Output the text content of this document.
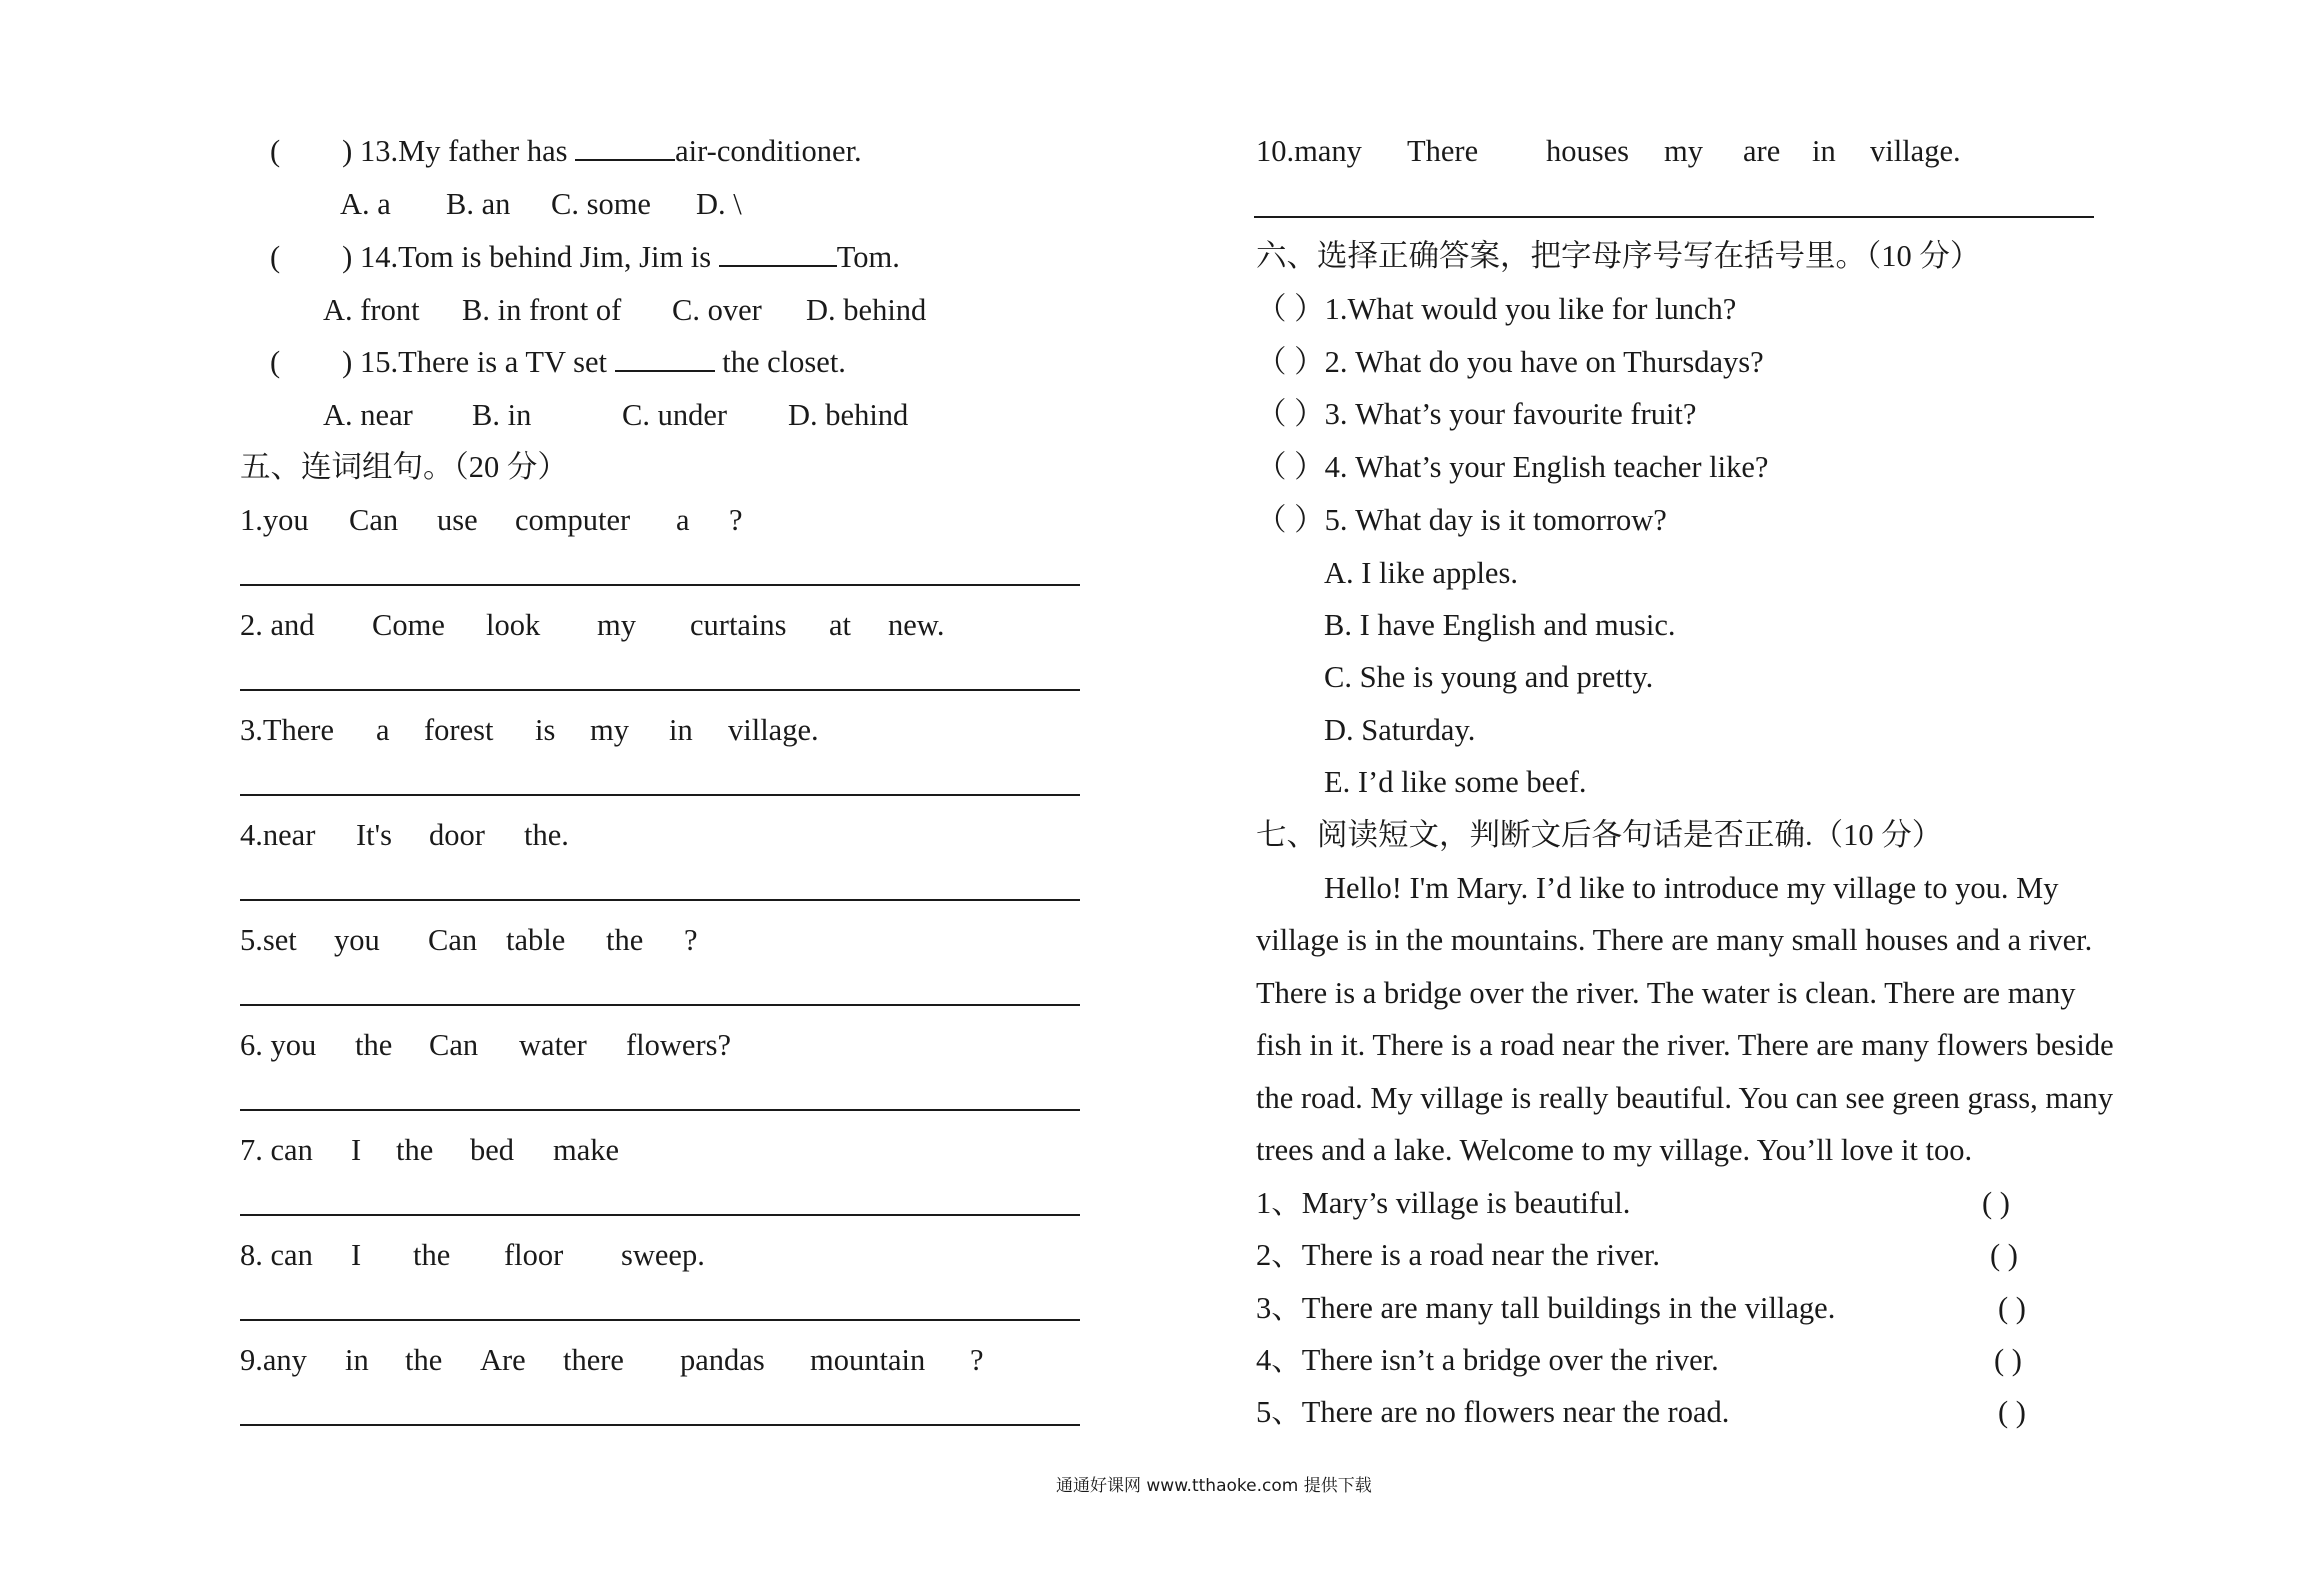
( ) 13.My father has	air-conditioner.
A. a B. an C. some D. \
( ) 14.Tom is behind Jim, Jim is	Tom.
A. front B. in front of C. over D. behind
( ) 15.There is a TV set	the closet.
A. near B. in	C. under D. behind
五、连词组句。（20 分）
1.you Can use computer a ?
2. and Come look my curtains at new.
3.There a forest is my in village.
4.near It's door the.
5.set you Can table the ?
6. you the Can water flowers?
7. can I the bed make
8. can I the floor sweep.
9.any in the Are there pandas mountain ?
10.many There houses my are in village.
六、选择正确答案，把字母序号写在括号里。（10 分）
（ ）1.What would you like for lunch?
（ ）2. What do you have on Thursdays?
（ ）3. What’s your favourite fruit?
（ ）4. What’s your English teacher like?
（ ）5. What day is it tomorrow?
A. I like apples.
B. I have English and music.
C. She is young and pretty.
D. Saturday.
E. I’d like some beef.
七、阅读短文，判断文后各句话是否正确.（10 分）
Hello! I'm Mary. I’d like to introduce my village to you. My
village is in the mountains. There are many small houses and a river.
There is a bridge over the river. The water is clean. There are many
fish in it. There is a road near the river. There are many flowers beside
the road. My village is really beautiful. You can see green grass, many
trees and a lake. Welcome to my village. You’ll love it too.
1、Mary’s village is beautiful.	( )
2、There is a road near the river.	( )
3、There are many tall buildings in the village.	( )
4、There isn’t a bridge over the river.	( )
5、There are no flowers near the road.	( )
通通好课网 www.tthaoke.com 提供下载
